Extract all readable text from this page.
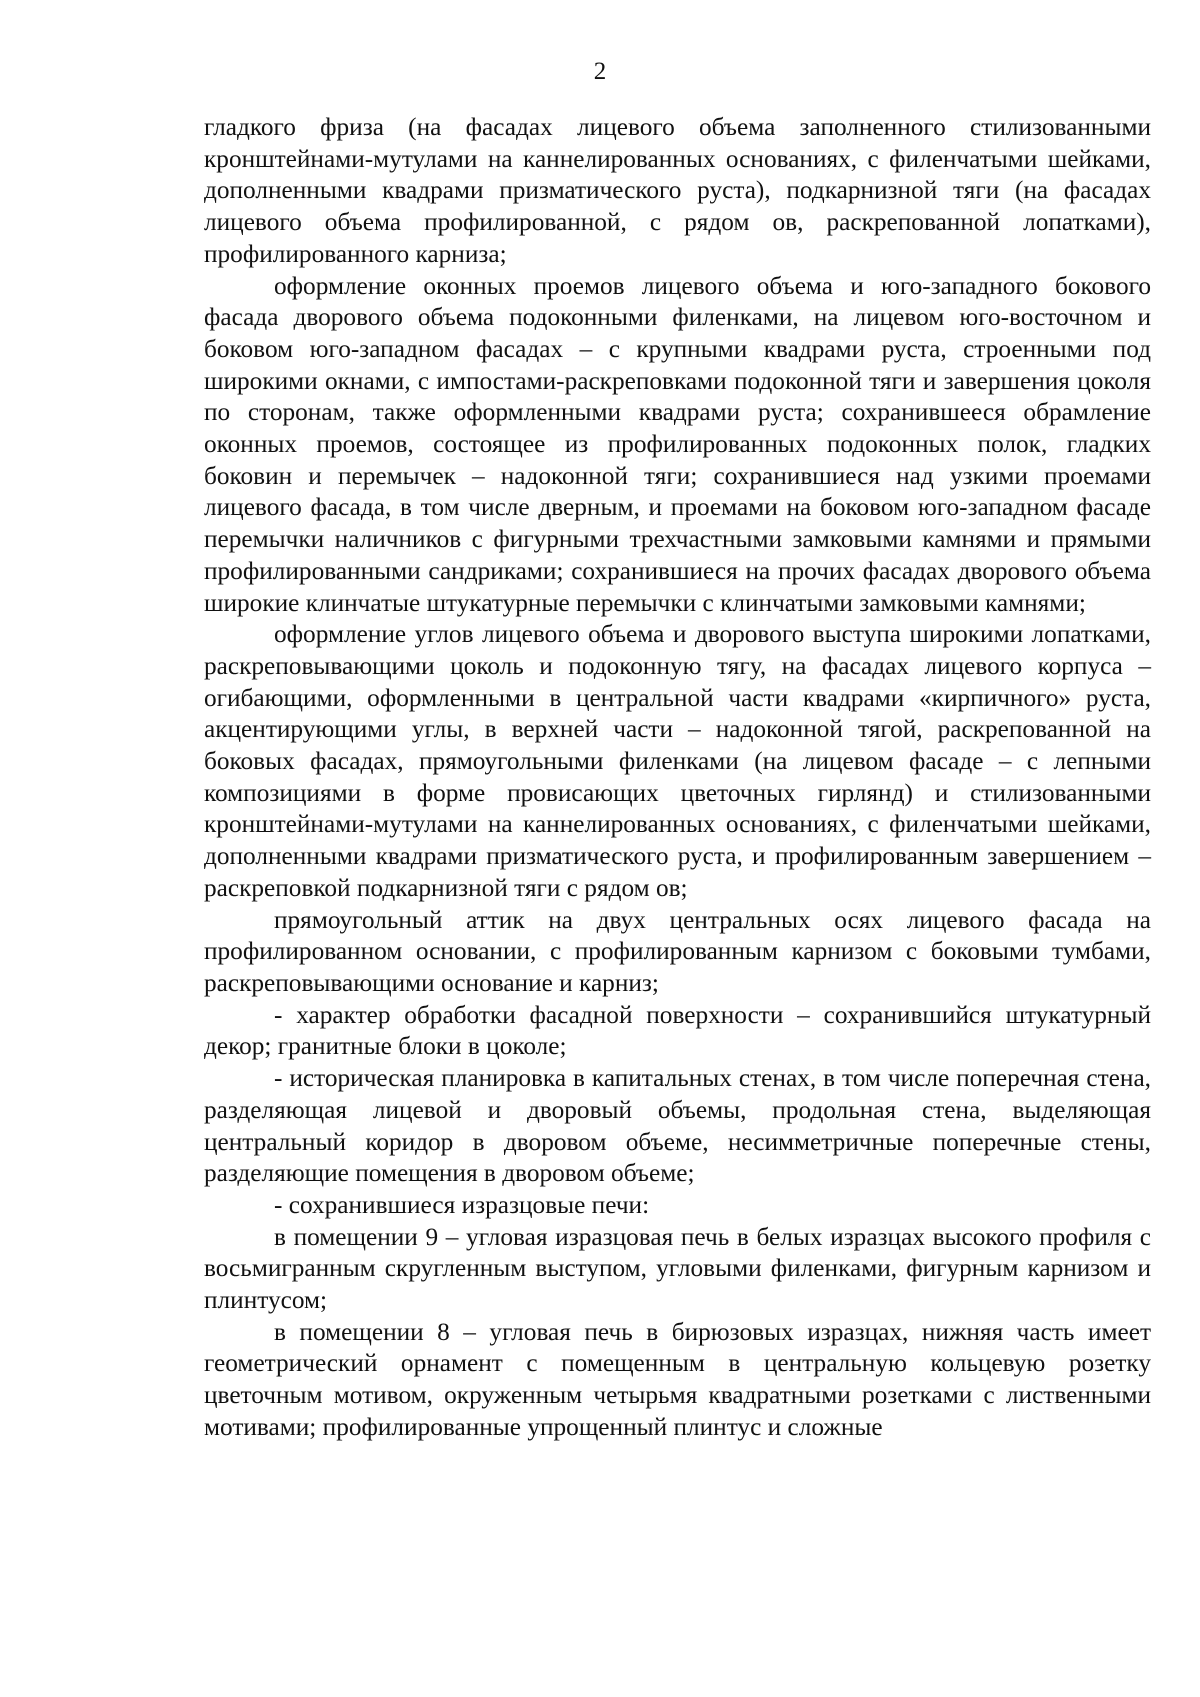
2

гладкого фриза (на фасадах лицевого объема заполненного стилизованными кронштейнами-мутулами на каннелированных основаниях, с филенчатыми шейками, дополненными квадрами призматического руста), подкарнизной тяги (на фасадах лицевого объема профилированной, с рядом ов, раскрепованной лопатками), профилированного карниза;

оформление оконных проемов лицевого объема и юго-западного бокового фасада дворового объема подоконными филенками, на лицевом юго-восточном и боковом юго-западном фасадах – с крупными квадрами руста, строенными под широкими окнами, с импостами-раскреповками подоконной тяги и завершения цоколя по сторонам, также оформленными квадрами руста; сохранившееся обрамление оконных проемов, состоящее из профилированных подоконных полок, гладких боковин и перемычек – надоконной тяги; сохранившиеся над узкими проемами лицевого фасада, в том числе дверным, и проемами на боковом юго-западном фасаде перемычки наличников с фигурными трехчастными замковыми камнями и прямыми профилированными сандриками; сохранившиеся на прочих фасадах дворового объема широкие клинчатые штукатурные перемычки с клинчатыми замковыми камнями;

оформление углов лицевого объема и дворового выступа широкими лопатками, раскреповывающими цоколь и подоконную тягу, на фасадах лицевого корпуса – огибающими, оформленными в центральной части квадрами «кирпичного» руста, акцентирующими углы, в верхней части – надоконной тягой, раскрепованной на боковых фасадах, прямоугольными филенками (на лицевом фасаде – с лепными композициями в форме провисающих цветочных гирлянд) и стилизованными кронштейнами-мутулами на каннелированных основаниях, с филенчатыми шейками, дополненными квадрами призматического руста, и профилированным завершением – раскреповкой подкарнизной тяги с рядом ов;

прямоугольный аттик на двух центральных осях лицевого фасада на профилированном основании, с профилированным карнизом с боковыми тумбами, раскреповывающими основание и карниз;

- характер обработки фасадной поверхности – сохранившийся штукатурный декор; гранитные блоки в цоколе;

- историческая планировка в капитальных стенах, в том числе поперечная стена, разделяющая лицевой и дворовый объемы, продольная стена, выделяющая центральный коридор в дворовом объеме, несимметричные поперечные стены, разделяющие помещения в дворовом объеме;

- сохранившиеся изразцовые печи:

в помещении 9 – угловая изразцовая печь в белых изразцах высокого профиля с восьмигранным скругленным выступом, угловыми филенками, фигурным карнизом и плинтусом;

в помещении 8 – угловая печь в бирюзовых изразцах, нижняя часть имеет геометрический орнамент с помещенным в центральную кольцевую розетку цветочным мотивом, окруженным четырьмя квадратными розетками с лиственными мотивами; профилированные упрощенный плинтус и сложные
